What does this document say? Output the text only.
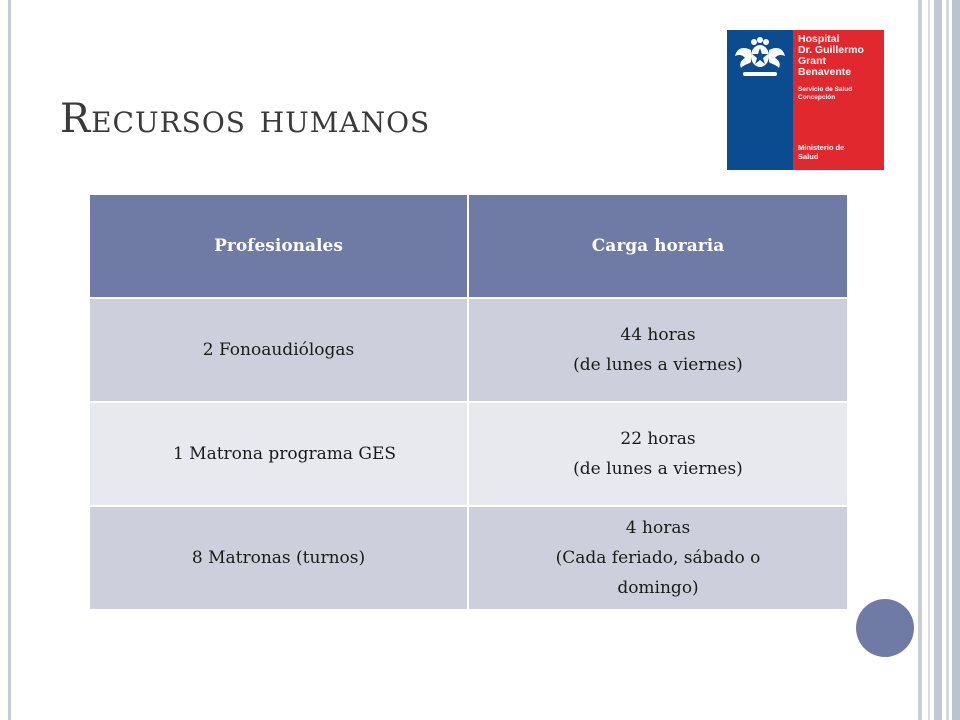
Recursos humanos
Hospital
Dr. Guillermo
Grant
Benavente
Servicio de Salud
Concepción
Ministerio de
Salud
Profesionales	Carga horaria

2 Fonoaudiólogas	44 horas
(de lunes a viernes)

1 Matrona programa GES	22 horas
(de lunes a viernes)

8 Matronas (turnos)	4 horas
(Cada feriado, sábado o
domingo)
